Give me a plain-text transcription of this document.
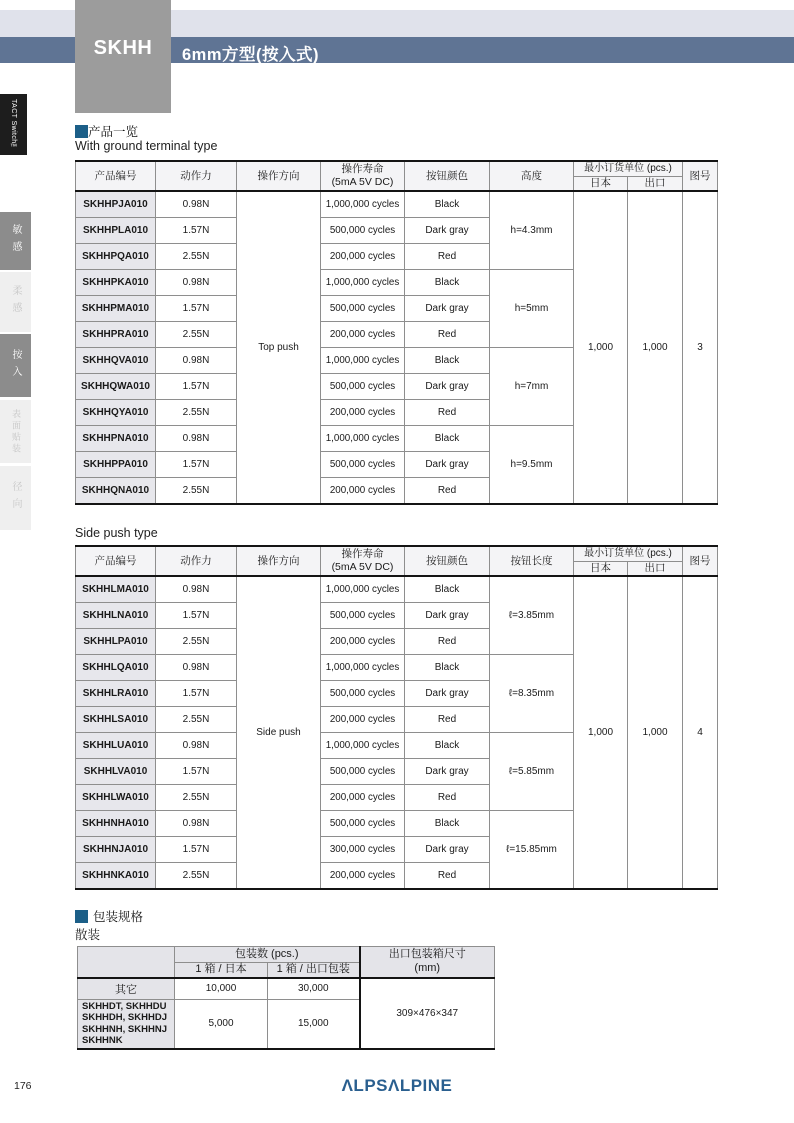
6mm方型(按入式)
SKHH
TACT Switch™
敏感
柔感
按入
表面贴装
径向
产品一览
With ground terminal type
产品编号	动作力	操作方向	操作寿命
(5mA 5V DC)	按钮颜色	高度	最小订货单位 (pcs.)		图号
						日本	出口	
SKHHPJA010	0.98N	Top push	1,000,000 cycles	Black	h=4.3mm	1,000	1,000	3
SKHHPLA010	1.57N		500,000 cycles	Dark gray				
SKHHPQA010	2.55N		200,000 cycles	Red				
SKHHPKA010	0.98N		1,000,000 cycles	Black	h=5mm			
SKHHPMA010	1.57N		500,000 cycles	Dark gray				
SKHHPRA010	2.55N		200,000 cycles	Red				
SKHHQVA010	0.98N		1,000,000 cycles	Black	h=7mm			
SKHHQWA010	1.57N		500,000 cycles	Dark gray				
SKHHQYA010	2.55N		200,000 cycles	Red				
SKHHPNA010	0.98N		1,000,000 cycles	Black	h=9.5mm			
SKHHPPA010	1.57N		500,000 cycles	Dark gray				
SKHHQNA010	2.55N		200,000 cycles	Red				
Side push type
产品编号	动作力	操作方向	操作寿命
(5mA 5V DC)	按钮颜色	按钮长度	最小订货单位 (pcs.)		图号
						日本	出口	
SKHHLMA010	0.98N	Side push	1,000,000 cycles	Black	ℓ=3.85mm	1,000	1,000	4
SKHHLNA010	1.57N		500,000 cycles	Dark gray				
SKHHLPA010	2.55N		200,000 cycles	Red				
SKHHLQA010	0.98N		1,000,000 cycles	Black	ℓ=8.35mm			
SKHHLRA010	1.57N		500,000 cycles	Dark gray				
SKHHLSA010	2.55N		200,000 cycles	Red				
SKHHLUA010	0.98N		1,000,000 cycles	Black	ℓ=5.85mm			
SKHHLVA010	1.57N		500,000 cycles	Dark gray				
SKHHLWA010	2.55N		200,000 cycles	Red				
SKHHNHA010	0.98N		500,000 cycles	Black	ℓ=15.85mm			
SKHHNJA010	1.57N		300,000 cycles	Dark gray				
SKHHNKA010	2.55N		200,000 cycles	Red				
包装规格
散装
	包装数 (pcs.)		出口包装箱尺寸
(mm)
	1 箱 / 日本	1 箱 / 出口包装	
其它	10,000	30,000	309×476×347
SKHHDT, SKHHDU
SKHHDH, SKHHDJ
SKHHNH, SKHHNJ
SKHHNK	5,000	15,000	
176	ΛLPSΛLPINE
